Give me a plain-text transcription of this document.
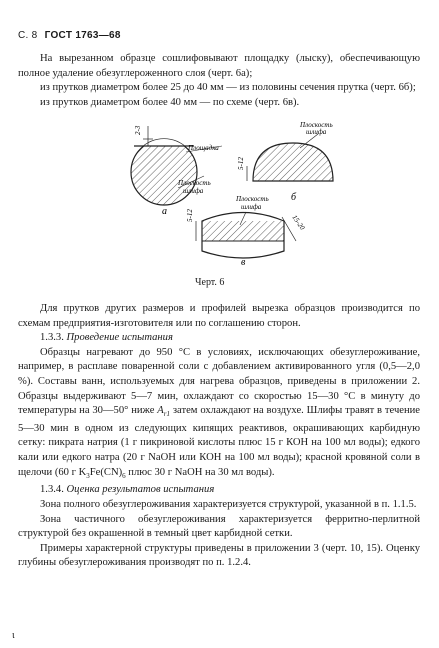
С. 8 ГОСТ 1763—68

На вырезанном образце сошлифовывают площадку (лыску), обеспечивающую полное удаление обезуглероженного слоя (черт. 6а);

из прутков диаметром более 25 до 40 мм — из половины сечения прутка (черт. 6б);

из прутков диаметром более 40 мм — по схеме (черт. 6в).

2-3
Площадка
Плоскость
шлифа
а
5-12
Плоскость
шлифа
б
5-12	15-20
Плоскость
шлифа
в
Черт. 6

Для прутков других размеров и профилей вырезка образцов производится по схемам предприятия-изготовителя или по соглашению сторон.

1.3.3. Проведение испытания

Образцы нагревают до 950 °С в условиях, исключающих обезуглероживание, например, в расплаве поваренной соли с добавлением активированного угля (0,5—2,0 %). Составы ванн, используемых для нагрева образцов, приведены в приложении 2. Образцы выдерживают 5—7 мин, охлаждают со скоростью 15—30 °С в минуту до температуры на 30—50° ниже $A_{r1}$ затем охлаждают на воздухе. Шлифы травят в течение 5—30 мин в одном из следующих кипящих реактивов, окрашивающих карбидную сетку: пикрата натрия (1 г пикриновой кислоты плюс 15 г КОН на 100 мл воды); едкого кали или едкого натра (20 г NaOH или КОН на 100 мл воды); красной кровяной соли в щелочи (60 г $K_3Fe(CN)_6$ плюс 30 г NaOH на 30 мл воды).

1.3.4. Оценка результатов испытания

Зона полного обезуглероживания характеризуется структурой, указанной в п. 1.1.5.

Зона частичного обезуглероживания характеризуется ферритно-перлитной структурой без окрашенной в темный цвет карбидной сетки.

Примеры характерной структуры приведены в приложении 3 (черт. 10, 15). Оценку глубины обезуглероживания производят по п. 1.2.4.

ι
